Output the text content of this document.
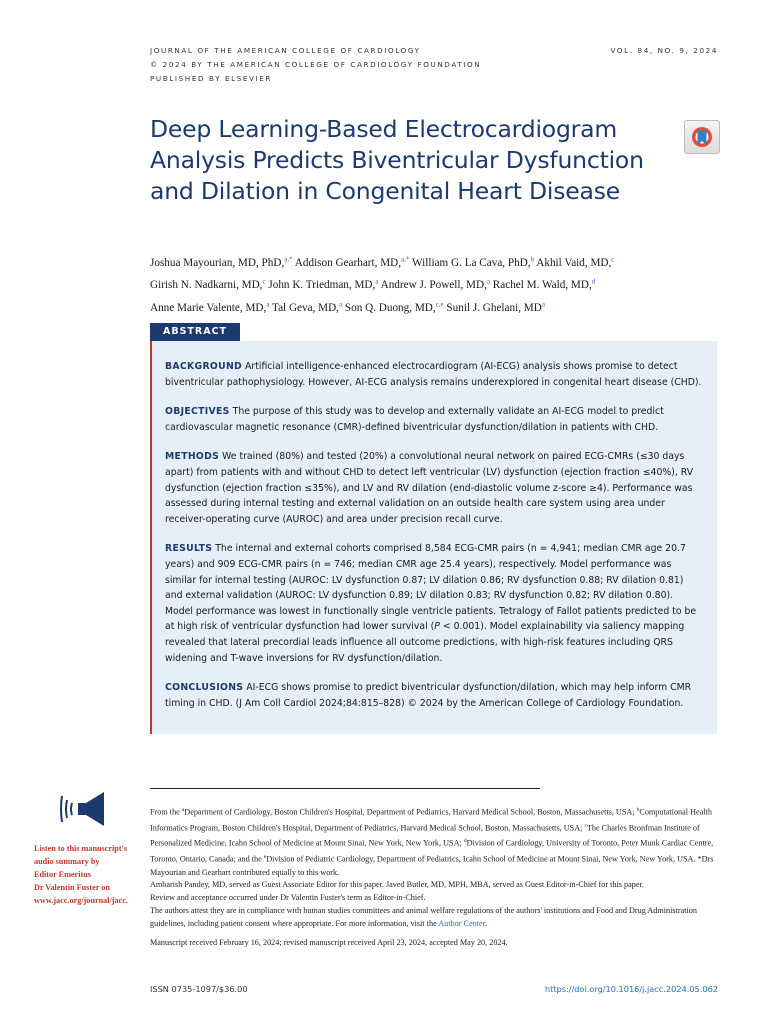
JOURNAL OF THE AMERICAN COLLEGE OF CARDIOLOGY
© 2024 BY THE AMERICAN COLLEGE OF CARDIOLOGY FOUNDATION
PUBLISHED BY ELSEVIER
VOL. 84, NO. 9, 2024
Deep Learning-Based Electrocardiogram Analysis Predicts Biventricular Dysfunction and Dilation in Congenital Heart Disease
Joshua Mayourian, MD, PhD,$^{a,*}$ Addison Gearhart, MD,$^{a,*}$ William G. La Cava, PhD,$^b$ Akhil Vaid, MD,$^c$
Girish N. Nadkarni, MD,$^c$ John K. Triedman, MD,$^a$ Andrew J. Powell, MD,$^a$ Rachel M. Wald, MD,$^d$
Anne Marie Valente, MD,$^a$ Tal Geva, MD,$^a$ Son Q. Duong, MD,$^{c,e}$ Sunil J. Ghelani, $MD^a$
ABSTRACT

BACKGROUND Artificial intelligence-enhanced electrocardiogram (AI-ECG) analysis shows promise to detect biventricular pathophysiology. However, AI-ECG analysis remains underexplored in congenital heart disease (CHD).

OBJECTIVES The purpose of this study was to develop and externally validate an AI-ECG model to predict cardiovascular magnetic resonance (CMR)-defined biventricular dysfunction/dilation in patients with CHD.

METHODS We trained (80%) and tested (20%) a convolutional neural network on paired ECG-CMRs (≤30 days apart) from patients with and without CHD to detect left ventricular (LV) dysfunction (ejection fraction ≤40%), RV dysfunction (ejection fraction ≤35%), and LV and RV dilation (end-diastolic volume z-score ≥4). Performance was assessed during internal testing and external validation on an outside health care system using area under receiver-operating curve (AUROC) and area under precision recall curve.

RESULTS The internal and external cohorts comprised 8,584 ECG-CMR pairs (n = 4,941; median CMR age 20.7 years) and 909 ECG-CMR pairs (n = 746; median CMR age 25.4 years), respectively. Model performance was similar for internal testing (AUROC: LV dysfunction 0.87; LV dilation 0.86; RV dysfunction 0.88; RV dilation 0.81) and external validation (AUROC: LV dysfunction 0.89; LV dilation 0.83; RV dysfunction 0.82; RV dilation 0.80). Model performance was lowest in functionally single ventricle patients. Tetralogy of Fallot patients predicted to be at high risk of ventricular dysfunction had lower survival (P < 0.001). Model explainability via saliency mapping revealed that lateral precordial leads influence all outcome predictions, with high-risk features including QRS widening and T-wave inversions for RV dysfunction/dilation.

CONCLUSIONS AI-ECG shows promise to predict biventricular dysfunction/dilation, which may help inform CMR timing in CHD. (J Am Coll Cardiol 2024;84:815–828) © 2024 by the American College of Cardiology Foundation.

Listen to this manuscript's
audio summary by
Editor Emeritus
Dr Valentin Fuster on
www.jacc.org/journal/jacc.

From the $^a$Department of Cardiology, Boston Children's Hospital, Department of Pediatrics, Harvard Medical School, Boston, Massachusetts, USA; $^b$Computational Health Informatics Program, Boston Children's Hospital, Department of Pediatrics, Harvard Medical School, Boston, Massachusetts, USA; $^c$The Charles Bronfman Institute of Personalized Medicine, Icahn School of Medicine at Mount Sinai, New York, New York, USA; $^d$Division of Cardiology, University of Toronto, Peter Munk Cardiac Centre, Toronto, Ontario, Canada; and the $^e$Division of Pediatric Cardiology, Department of Pediatrics, Icahn School of Medicine at Mount Sinai, New York, New York, USA. *Drs Mayourian and Gearhart contributed equally to this work.

Ambarish Pandey, MD, served as Guest Associate Editor for this paper. Javed Butler, MD, MPH, MBA, served as Guest Editor-in-Chief for this paper.

Review and acceptance occurred under Dr Valentin Fuster's term as Editor-in-Chief.

The authors attest they are in compliance with human studies committees and animal welfare regulations of the authors' institutions and Food and Drug Administration guidelines, including patient consent where appropriate. For more information, visit the Author Center.

Manuscript received February 16, 2024; revised manuscript received April 23, 2024, accepted May 20, 2024.

ISSN 0735-1097/$36.00	https://doi.org/10.1016/j.jacc.2024.05.062
